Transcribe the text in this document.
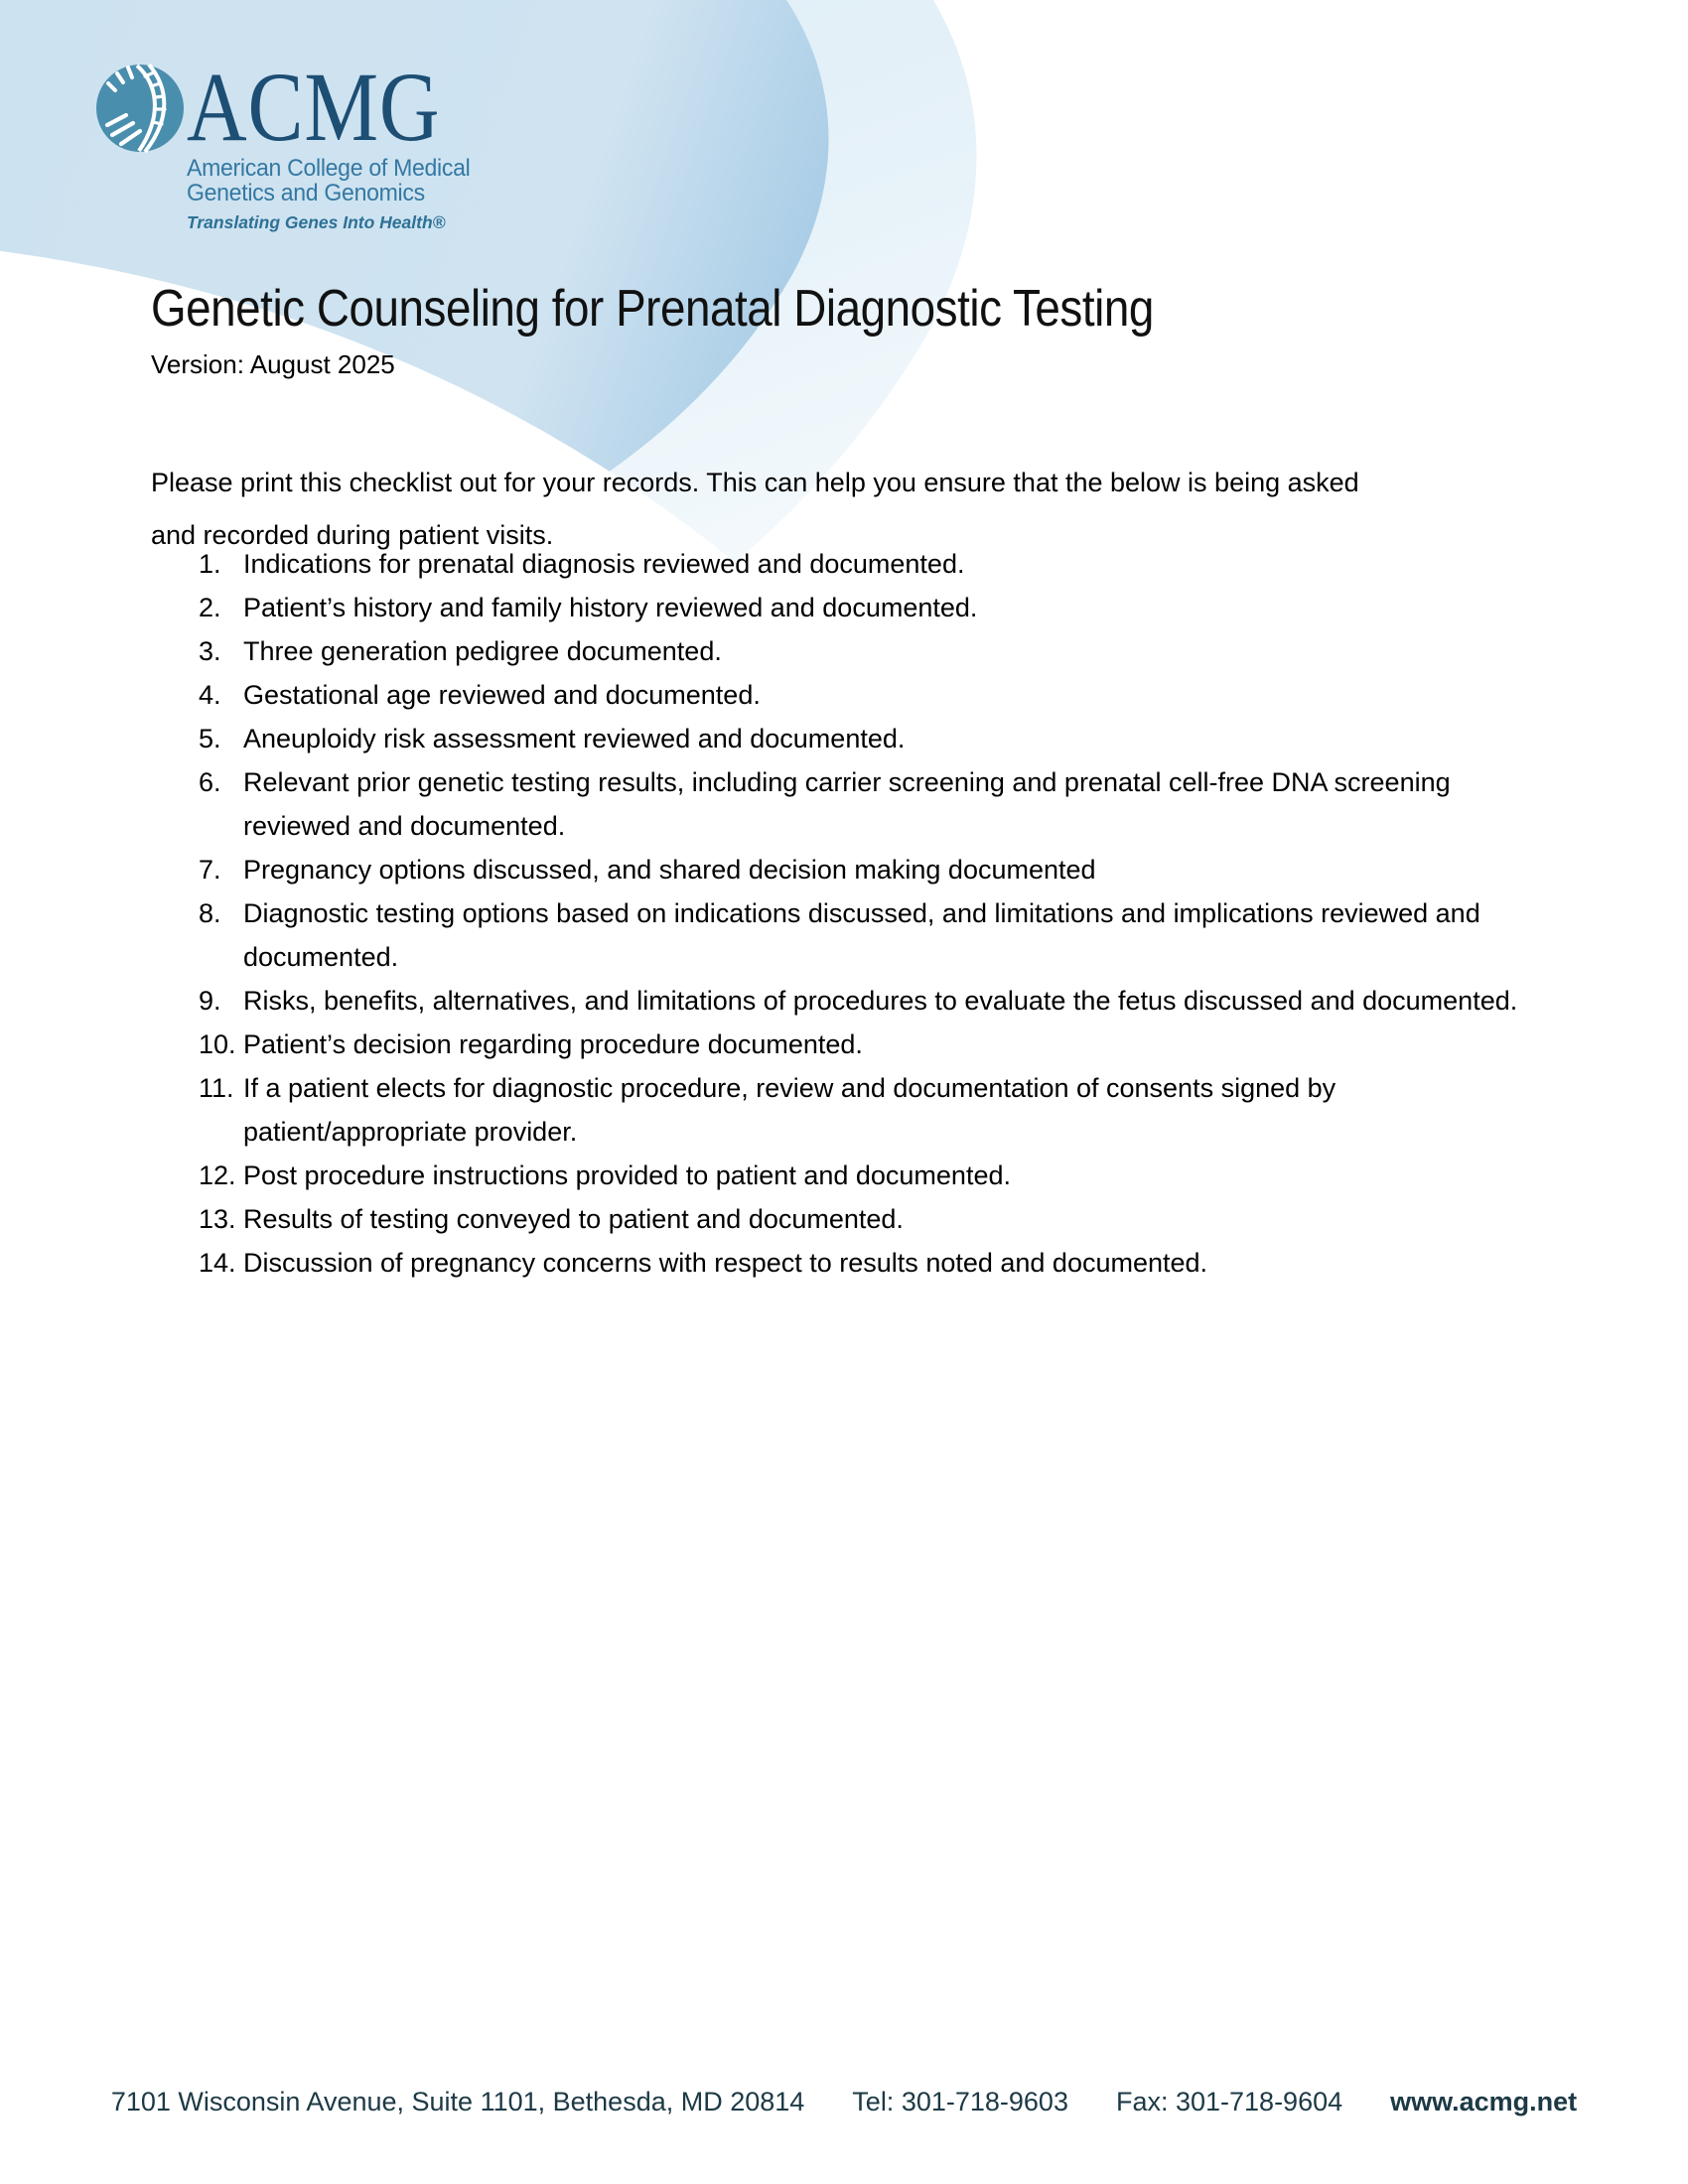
ACMG
American College of Medical
Genetics and Genomics
Translating Genes Into Health®
Genetic Counseling for Prenatal Diagnostic Testing
Version: August 2025

Please print this checklist out for your records. This can help you ensure that the below is being asked
and recorded during patient visits.

Indications for prenatal diagnosis reviewed and documented.
Patient’s history and family history reviewed and documented.
Three generation pedigree documented.
Gestational age reviewed and documented.
Aneuploidy risk assessment reviewed and documented.
Relevant prior genetic testing results, including carrier screening and prenatal cell-free DNA screening reviewed and documented.
Pregnancy options discussed, and shared decision making documented
Diagnostic testing options based on indications discussed, and limitations and implications reviewed and documented.
Risks, benefits, alternatives, and limitations of procedures to evaluate the fetus discussed and documented.
Patient’s decision regarding procedure documented.
If a patient elects for diagnostic procedure, review and documentation of consents signed by patient/appropriate provider.
Post procedure instructions provided to patient and documented.
Results of testing conveyed to patient and documented.
Discussion of pregnancy concerns with respect to results noted and documented.
7101 Wisconsin Avenue, Suite 1101, Bethesda, MD 20814 Tel: 301-718-9603 Fax: 301-718-9604 www.acmg.net
